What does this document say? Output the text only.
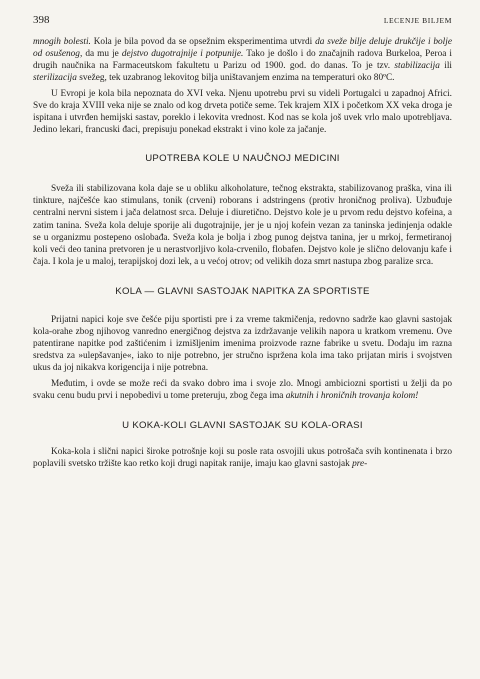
398	LECENJE BILJEM

mnogih bolesti. Kola je bila povod da se opsežnim eksperimentima utvrdi da sveže bilje deluje drukčije i bolje od osušenog, da mu je dejstvo dugotrajnije i potpunije. Tako je došlo i do značajnih radova Burkeloa, Peroa i drugih naučnika na Farmaceutskom fakultetu u Parizu od 1900. god. do danas. To je tzv. stabilizacija ili sterilizacija svežeg, tek uzabranog lekovitog bilja uništavanjem enzima na temperaturi oko 80ºC.

U Evropi je kola bila nepoznata do XVI veka. Njenu upotrebu prvi su videli Portugalci u zapadnoj Africi. Sve do kraja XVIII veka nije se znalo od kog drveta potiče seme. Tek krajem XIX i početkom XX veka droga je ispitana i utvrđen hemijski sastav, poreklo i lekovita vrednost. Kod nas se kola još uvek vrlo malo upotrebljava. Jedino lekari, francuski đaci, prepisuju ponekad ekstrakt i vino kole za jačanje.

UPOTREBA KOLE U NAUČNOJ MEDICINI

Sveža ili stabilizovana kola daje se u obliku alkoholature, tečnog ekstrakta, stabilizovanog praška, vina ili tinkture, najčešće kao stimulans, tonik (crveni) roborans i adstringens (protiv hroničnog proliva). Uzbuđuje centralni nervni sistem i jača delatnost srca. Deluje i diuretično. Dejstvo kole je u prvom redu dejstvo kofeina, a zatim tanina. Sveža kola deluje sporije ali dugotrajnije, jer je u njoj kofein vezan za taninska jedinjenja odakle se u organizmu postepeno oslobađa. Sveža kola je bolja i zbog punog dejstva tanina, jer u mrkoj, fermetiranoj koli veći deo tanina pretvoren je u nerastvorljivo kola-crvenilo, flobafen. Dejstvo kole je slično delovanju kafe i čaja. I kola je u maloj, terapijskoj dozi lek, a u većoj otrov; od velikih doza smrt nastupa zbog paralize srca.

KOLA — GLAVNI SASTOJAK NAPITKA ZA SPORTISTE

Prijatni napici koje sve češće piju sportisti pre i za vreme takmičenja, redovno sadrže kao glavni sastojak kola-orahe zbog njihovog vanredno energičnog dejstva za izdržavanje velikih napora u kratkom vremenu. Ove patentirane napitke pod zaštićenim i izmišljenim imenima proizvode razne fabrike u svetu. Dodaju im razna sredstva za »ulepšavanje«, iako to nije potrebno, jer stručno ispržena kola ima tako prijatan miris i svojstven ukus da joj nikakva korigencija i nije potrebna.

Međutim, i ovde se može reći da svako dobro ima i svoje zlo. Mnogi ambiciozni sportisti u želji da po svaku cenu budu prvi i nepobedivi u tome preteruju, zbog čega ima akutnih i hroničnih trovanja kolom!

U KOKA-KOLI GLAVNI SASTOJAK SU KOLA-ORASI

Koka-kola i slični napici široke potrošnje koji su posle rata osvojili ukus potrošača svih kontinenata i brzo poplavili svetsko tržište kao retko koji drugi napitak ranije, imaju kao glavni sastojak pre-
